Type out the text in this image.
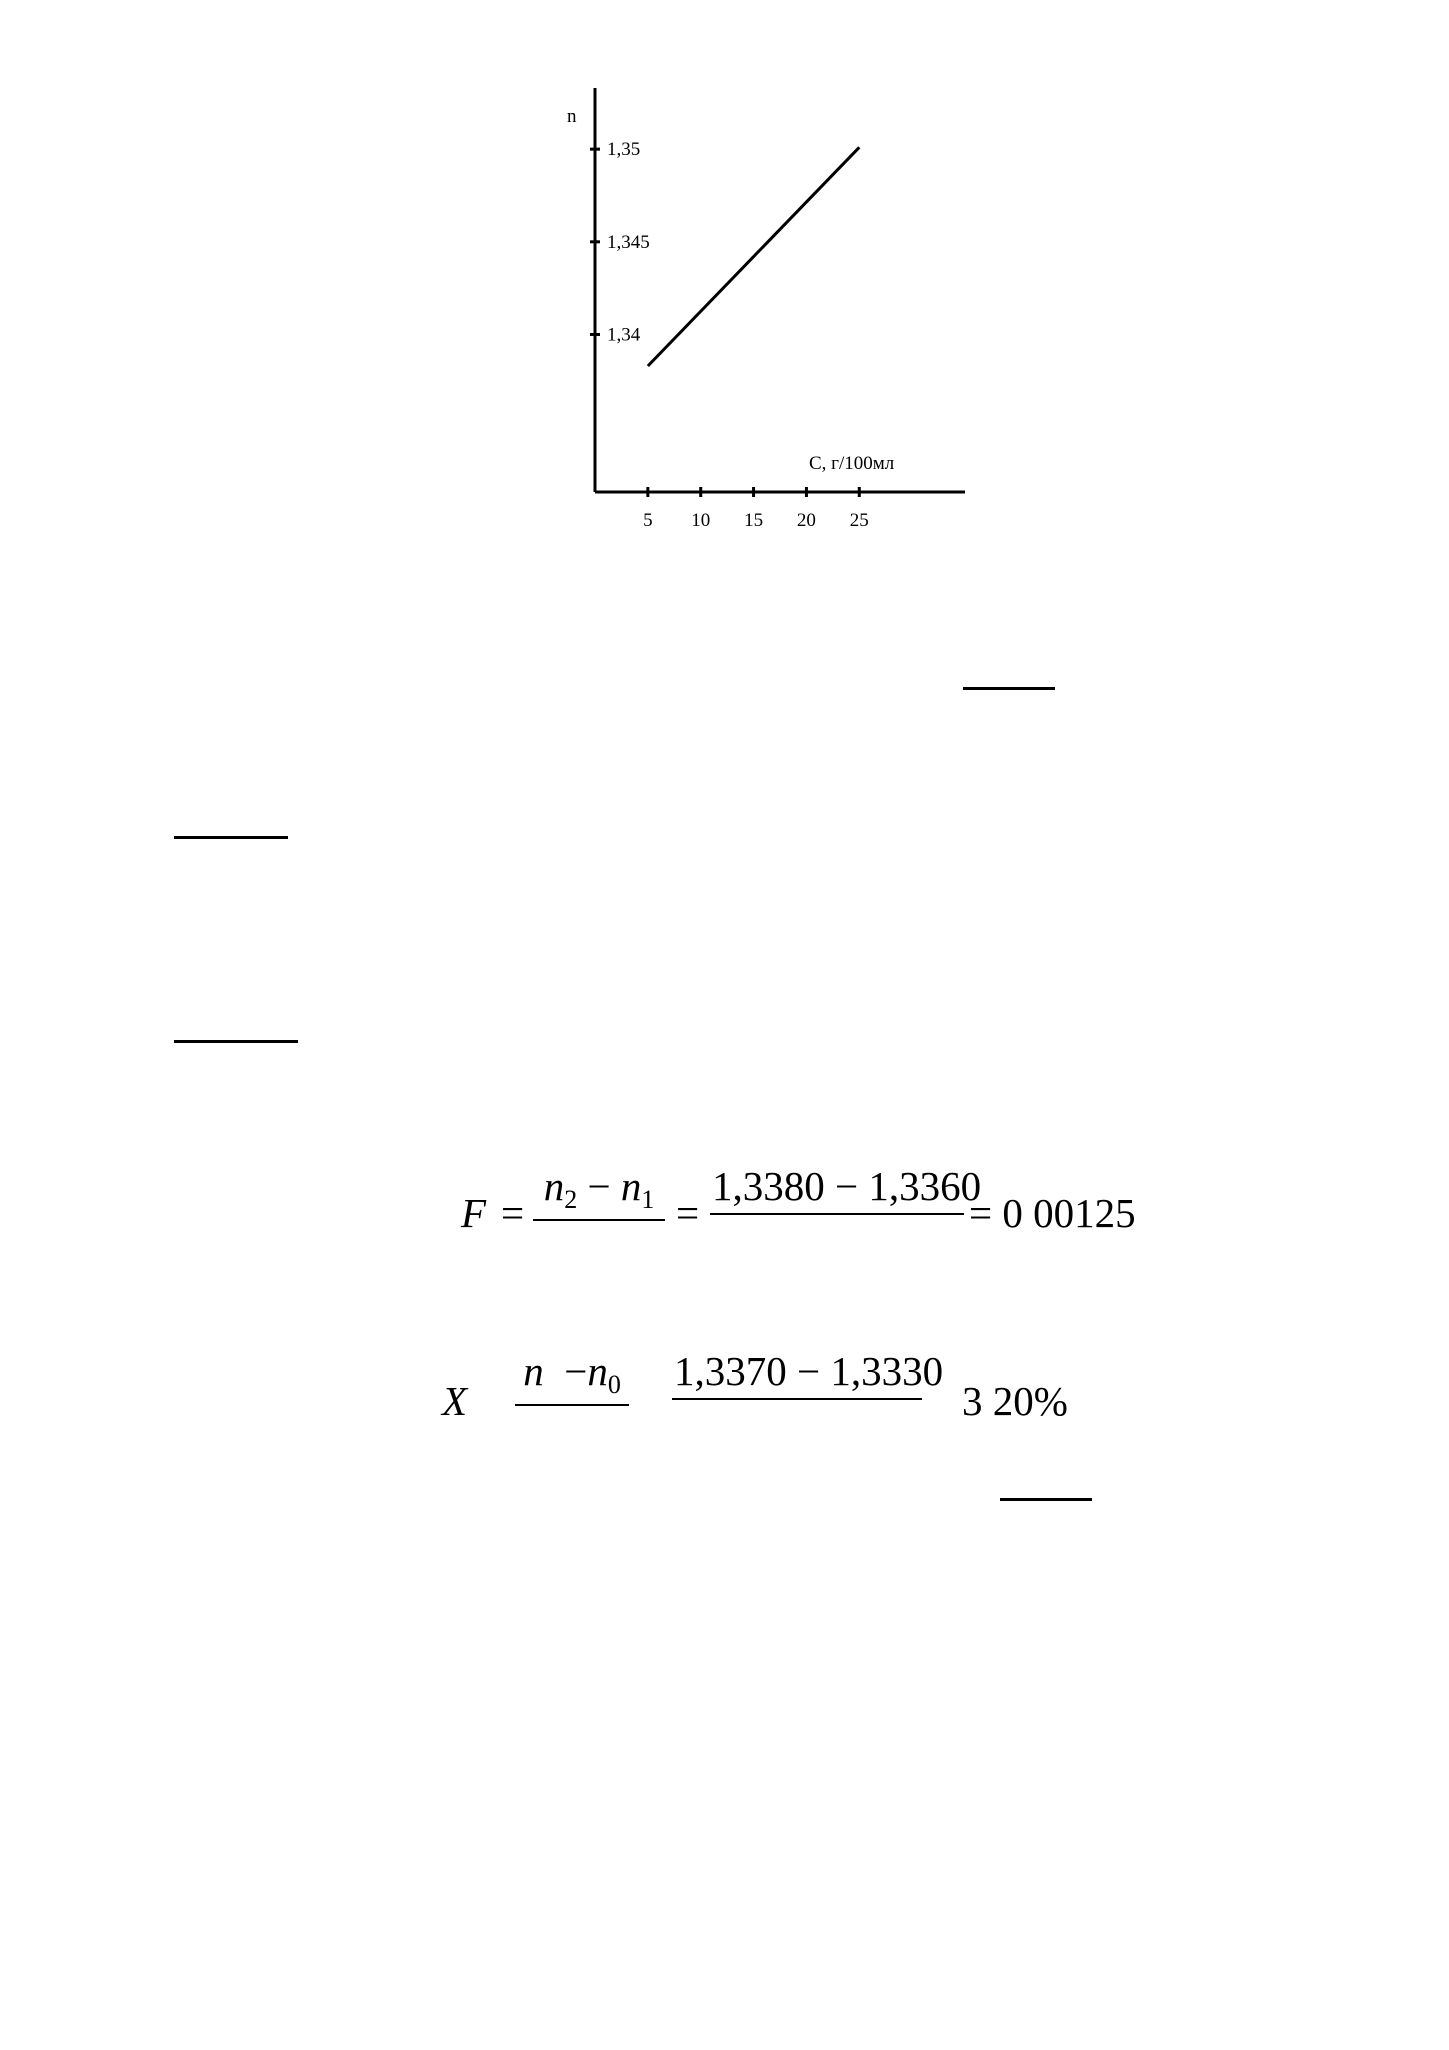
5 10 15 20 25
1,34
1,345
1,35
n
С, г/100мл
F =
$n_2 - n_1$ =
1,3380 − 1,3360
= 0 00125
X
$n -n_0$ 1,3370 − 1,3330
3 20%
